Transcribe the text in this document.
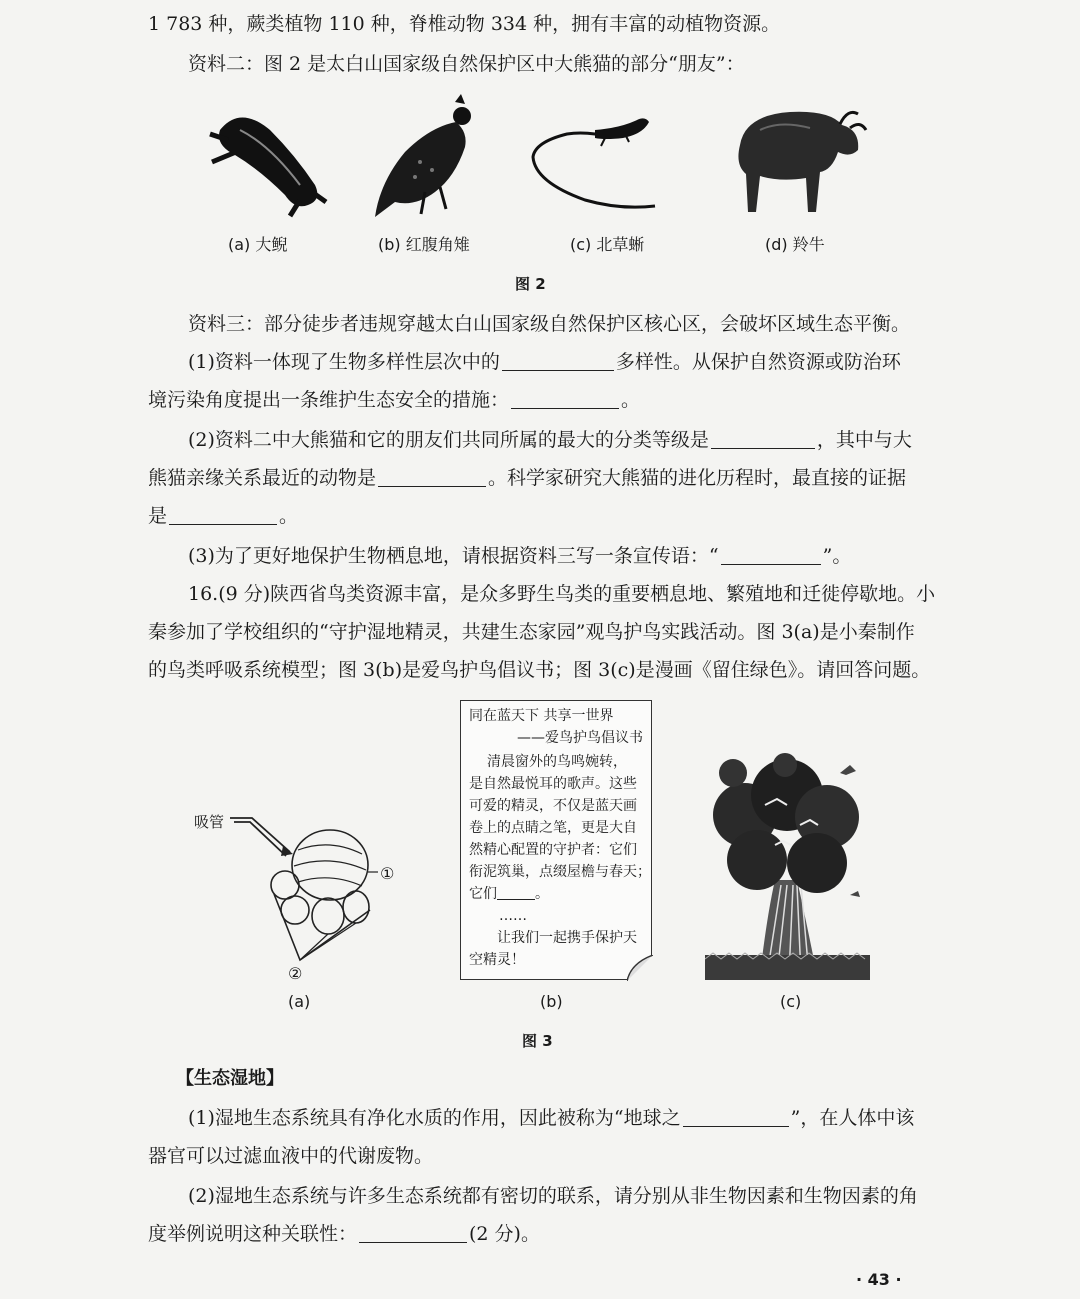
1 783 种，蕨类植物 110 种，脊椎动物 334 种，拥有丰富的动植物资源。
资料二：图 2 是太白山国家级自然保护区中大熊猫的部分“朋友”：
(a) 大鲵	(b) 红腹角雉	(c) 北草蜥	(d) 羚牛
图 2
资料三：部分徒步者违规穿越太白山国家级自然保护区核心区，会破坏区域生态平衡。
(1)资料一体现了生物多样性层次中的	多样性。从保护自然资源或防治环
境污染角度提出一条维护生态安全的措施：	。
(2)资料二中大熊猫和它的朋友们共同所属的最大的分类等级是	，其中与大
熊猫亲缘关系最近的动物是	。科学家研究大熊猫的进化历程时，最直接的证据
是	。
(3)为了更好地保护生物栖息地，请根据资料三写一条宣传语：“	”。
16.(9 分)陕西省鸟类资源丰富，是众多野生鸟类的重要栖息地、繁殖地和迁徙停歇地。小
秦参加了学校组织的“守护湿地精灵，共建生态家园”观鸟护鸟实践活动。图 3(a)是小秦制作
的鸟类呼吸系统模型；图 3(b)是爱鸟护鸟倡议书；图 3(c)是漫画《留住绿色》。请回答问题。
吸管
①
②
同在蓝天下 共享一世界
——爱鸟护鸟倡议书
清晨窗外的鸟鸣婉转，
是自然最悦耳的歌声。这些
可爱的精灵，不仅是蓝天画
卷上的点睛之笔，更是大自
然精心配置的守护者：它们
衔泥筑巢，点缀屋檐与春天；
它们	。
……
让我们一起携手保护天
空精灵！
(a)	(b)	(c)
图 3
【生态湿地】
(1)湿地生态系统具有净化水质的作用，因此被称为“地球之	”，在人体中该
器官可以过滤血液中的代谢废物。
(2)湿地生态系统与许多生态系统都有密切的联系，请分别从非生物因素和生物因素的角
度举例说明这种关联性：	(2 分)。
· 43 ·
